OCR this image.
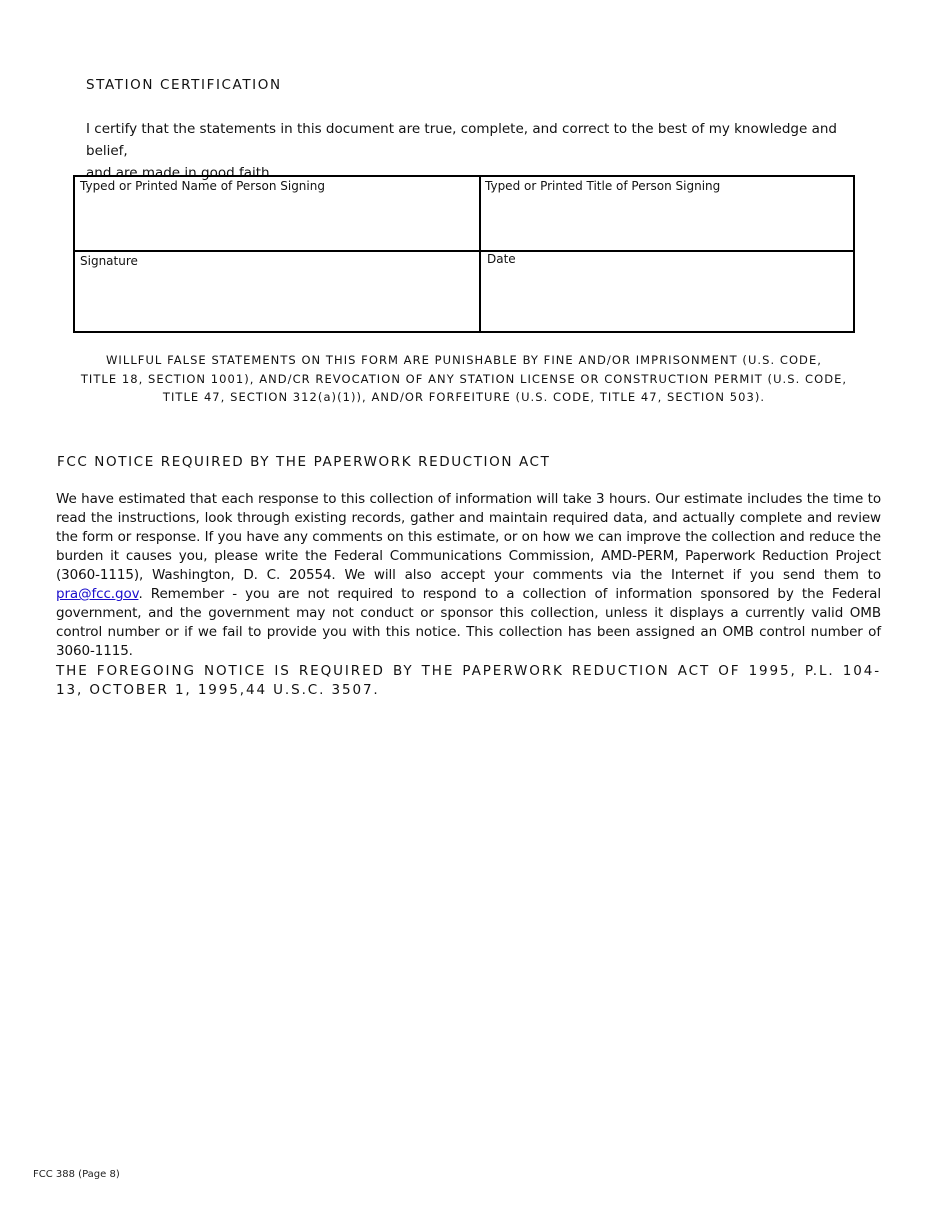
STATION CERTIFICATION
I certify that the statements in this document are true, complete, and correct to the best of my knowledge and belief,
and are made in good faith.
Typed or Printed Name of Person Signing	Typed or Printed Title of Person Signing
Signature	Date
WILLFUL FALSE STATEMENTS ON THIS FORM ARE PUNISHABLE BY FINE AND/OR IMPRISONMENT (U.S. CODE,
TITLE 18, SECTION 1001), AND/CR REVOCATION OF ANY STATION LICENSE OR CONSTRUCTION PERMIT (U.S. CODE,
TITLE 47, SECTION 312(a)(1)), AND/OR FORFEITURE (U.S. CODE, TITLE 47, SECTION 503).
FCC NOTICE REQUIRED BY THE PAPERWORK REDUCTION ACT
We have estimated that each response to this collection of information will take 3 hours. Our estimate includes the time to read the instructions, look through existing records, gather and maintain required data, and actually complete and review the form or response. If you have any comments on this estimate, or on how we can improve the collection and reduce the burden it causes you, please write the Federal Communications Commission, AMD-PERM, Paperwork Reduction Project (3060-1115), Washington, D. C. 20554. We will also accept your comments via the Internet if you send them to pra@fcc.gov. Remember - you are not required to respond to a collection of information sponsored by the Federal government, and the government may not conduct or sponsor this collection, unless it displays a currently valid OMB control number or if we fail to provide you with this notice. This collection has been assigned an OMB control number of 3060-1115.
THE FOREGOING NOTICE IS REQUIRED BY THE PAPERWORK REDUCTION ACT OF 1995, P.L. 104-13, OCTOBER 1, 1995,44 U.S.C. 3507.
FCC 388 (Page 8)
